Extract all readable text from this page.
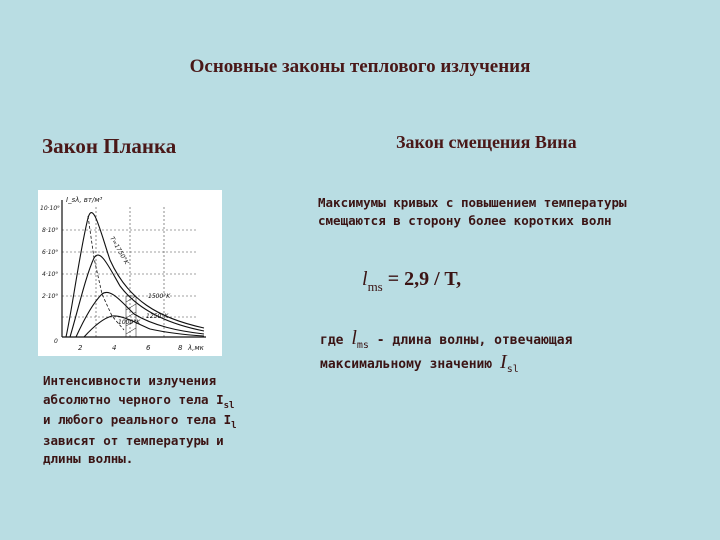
Основные законы теплового излучения
Закон Планка	Закон смещения Вина
10·10⁹
8·10⁹
6·10⁹
4·10⁹
2·10⁹
0
2	4	6	8 λ,мк
I_sλ, вт/м³
T=1750°K
1500°K
1250°K
1000°K
Максимумы кривых с повышением температуры смещаются в сторону более коротких волн
$l_{ms} = 2,9 / T$,
где $l_{ms}$ - длина волны, отвечающая максимальному значению $I_{sl}$
Интенсивности излучения абсолютно черного тела $I_{sl}$ и любого реального тела $I_l$ зависят от температуры и длины волны.
